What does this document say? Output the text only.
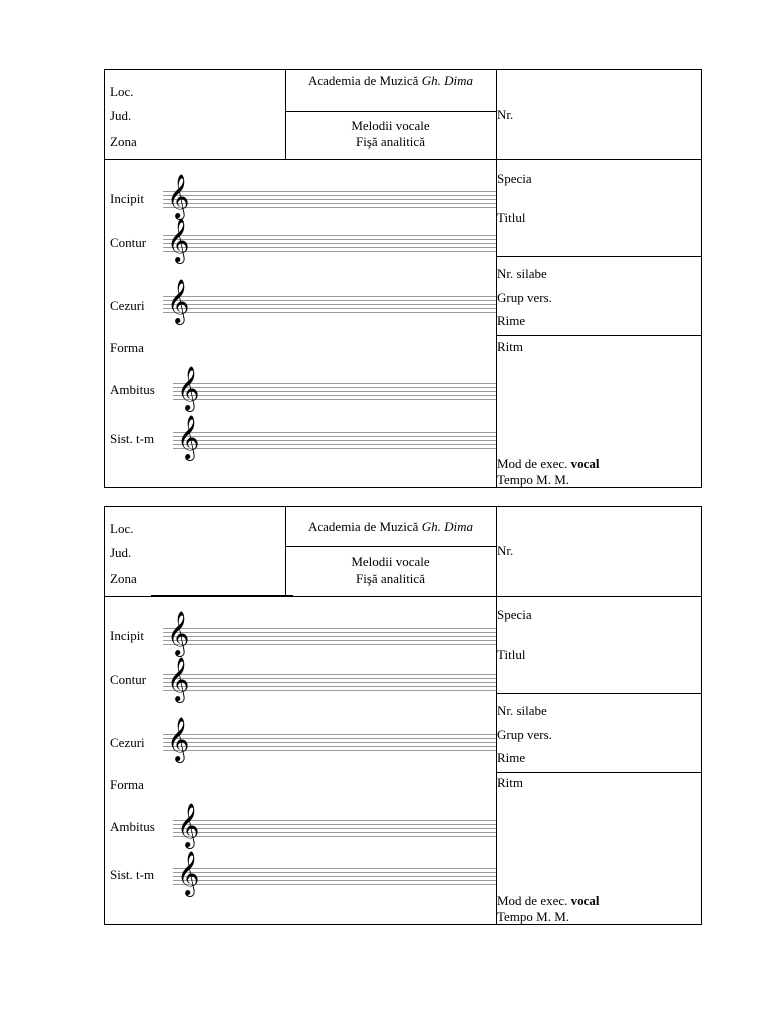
Loc.
Jud.
Zona
Academia de Muzică Gh. Dima
Melodii vocale
Fişă analitică
Nr.
Incipit
Contur
Cezuri
Forma
Ambitus
Sist. t-m
𝄞
𝄞
𝄞
𝄞
𝄞
Specia
Titlul
Nr. silabe
Grup vers.
Rime
Ritm
Mod de exec. vocal
Tempo M. M.
Loc.
Jud.
Zona
Academia de Muzică Gh. Dima
Melodii vocale
Fişă analitică
Nr.
Incipit
Contur
Cezuri
Forma
Ambitus
Sist. t-m
𝄞
𝄞
𝄞
𝄞
𝄞
Specia
Titlul
Nr. silabe
Grup vers.
Rime
Ritm
Mod de exec. vocal
Tempo M. M.
